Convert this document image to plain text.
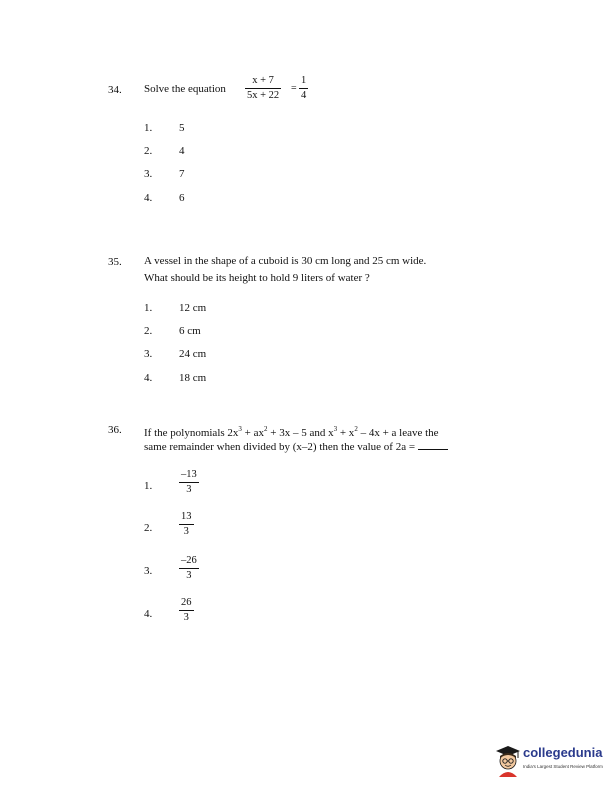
34. Solve the equation
x + 7
5x + 22
=
1
4
1. 5
2. 4
3. 7
4. 6
35. A vessel in the shape of a cuboid is 30 cm long and 25 cm wide.
What should be its height to hold 9 liters of water ?
1. 12 cm
2. 6 cm
3. 24 cm
4. 18 cm
36. If the polynomials $2x^3 + ax^2 + 3x - 5$ and $x^3 + x^2 - 4x + a$ leave the
same remainder when divided by (x–2) then the value of 2a =
1.
–13
3
2.
13
3
3.
–26
3
4.
26
3
collegedunia
India's Largest Student Review Platform
